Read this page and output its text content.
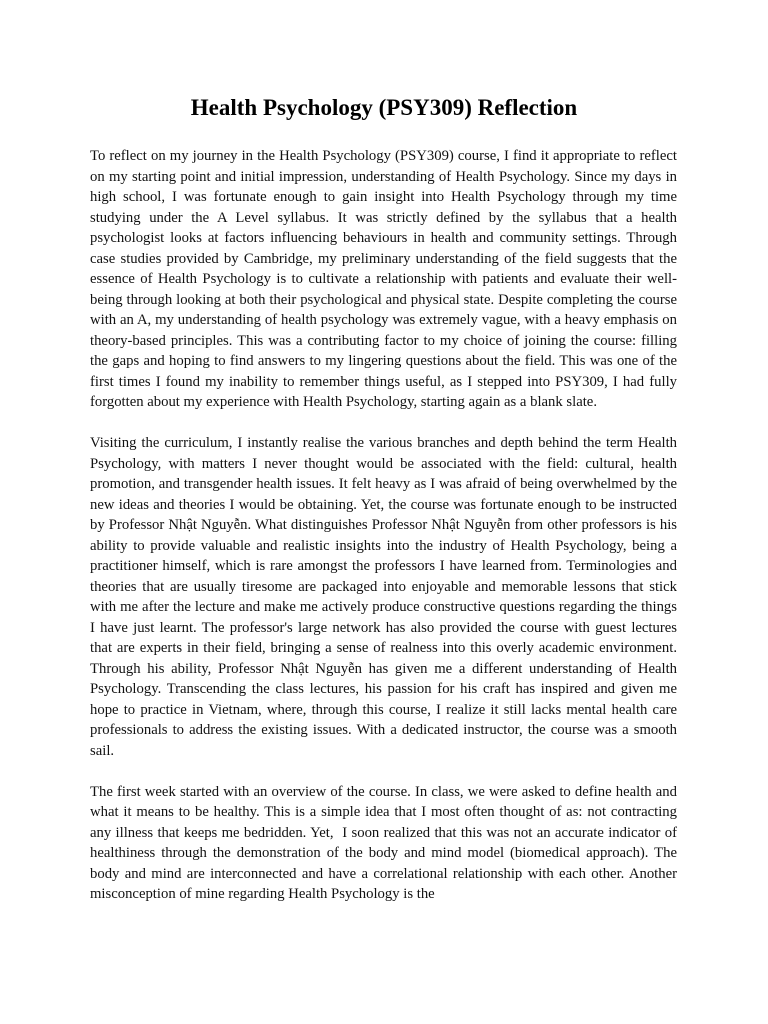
Health Psychology (PSY309) Reflection

To reflect on my journey in the Health Psychology (PSY309) course, I find it appropriate to reflect on my starting point and initial impression, understanding of Health Psychology. Since my days in high school, I was fortunate enough to gain insight into Health Psychology through my time studying under the A Level syllabus. It was strictly defined by the syllabus that a health psychologist looks at factors influencing behaviours in health and community settings. Through case studies provided by Cambridge, my preliminary understanding of the field suggests that the essence of Health Psychology is to cultivate a relationship with patients and evaluate their well-being through looking at both their psychological and physical state. Despite completing the course with an A, my understanding of health psychology was extremely vague, with a heavy emphasis on theory-based principles. This was a contributing factor to my choice of joining the course: filling the gaps and hoping to find answers to my lingering questions about the field. This was one of the first times I found my inability to remember things useful, as I stepped into PSY309, I had fully forgotten about my experience with Health Psychology, starting again as a blank slate.

Visiting the curriculum, I instantly realise the various branches and depth behind the term Health Psychology, with matters I never thought would be associated with the field: cultural, health promotion, and transgender health issues. It felt heavy as I was afraid of being overwhelmed by the new ideas and theories I would be obtaining. Yet, the course was fortunate enough to be instructed by Professor Nhật Nguyễn. What distinguishes Professor Nhật Nguyễn from other professors is his ability to provide valuable and realistic insights into the industry of Health Psychology, being a practitioner himself, which is rare amongst the professors I have learned from. Terminologies and theories that are usually tiresome are packaged into enjoyable and memorable lessons that stick with me after the lecture and make me actively produce constructive questions regarding the things I have just learnt. The professor's large network has also provided the course with guest lectures that are experts in their field, bringing a sense of realness into this overly academic environment. Through his ability, Professor Nhật Nguyễn has given me a different understanding of Health Psychology. Transcending the class lectures, his passion for his craft has inspired and given me hope to practice in Vietnam, where, through this course, I realize it still lacks mental health care professionals to address the existing issues. With a dedicated instructor, the course was a smooth sail.

The first week started with an overview of the course. In class, we were asked to define health and what it means to be healthy. This is a simple idea that I most often thought of as: not contracting any illness that keeps me bedridden. Yet,  I soon realized that this was not an accurate indicator of healthiness through the demonstration of the body and mind model (biomedical approach). The body and mind are interconnected and have a correlational relationship with each other. Another misconception of mine regarding Health Psychology is the
